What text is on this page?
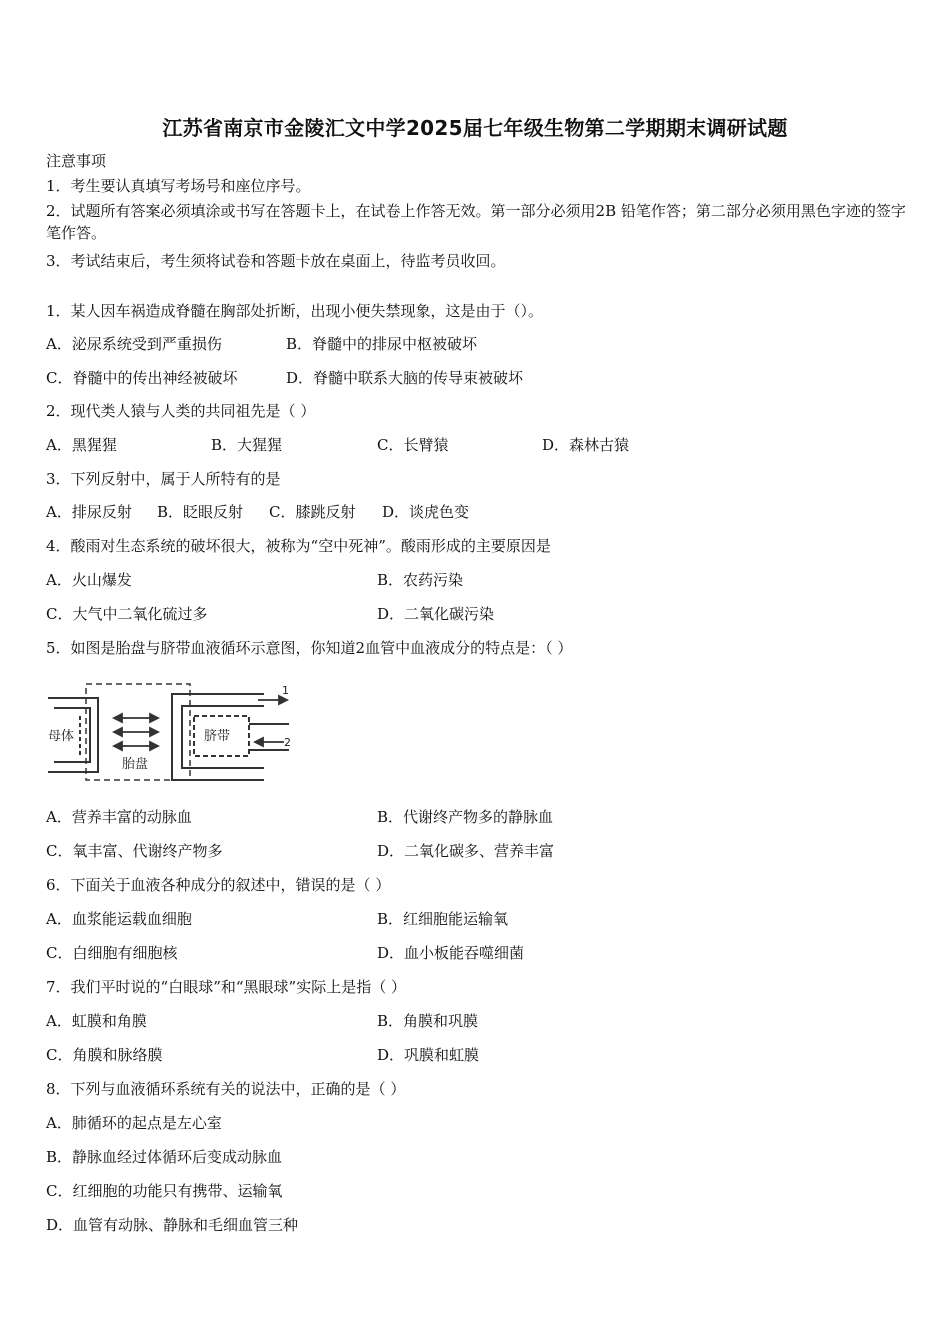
江苏省南京市金陵汇文中学2025届七年级生物第二学期期末调研试题
注意事项
1．考生要认真填写考场号和座位序号。
2．试题所有答案必须填涂或书写在答题卡上，在试卷上作答无效。第一部分必须用2B 铅笔作答；第二部分必须用黑色字迹的签字笔作答。
3．考试结束后，考生须将试卷和答题卡放在桌面上，待监考员收回。
1．某人因车祸造成脊髓在胸部处折断，出现小便失禁现象，这是由于（）。
A．泌尿系统受到严重损伤	B．脊髓中的排尿中枢被破坏
C．脊髓中的传出神经被破坏	D．脊髓中联系大脑的传导束被破坏
2．现代类人猿与人类的共同祖先是（ ）
A．黑猩猩	B．大猩猩	C．长臂猿	D．森林古猿
3．下列反射中，属于人所特有的是
A．排尿反射 B．眨眼反射 C．膝跳反射 D．谈虎色变
4．酸雨对生态系统的破坏很大，被称为“空中死神”。酸雨形成的主要原因是
A．火山爆发	B．农药污染
C．大气中二氧化硫过多	D．二氧化碳污染
5．如图是胎盘与脐带血液循环示意图，你知道2血管中血液成分的特点是：（ ）
母体	脐带
胎盘
1
2
A．营养丰富的动脉血	B．代谢终产物多的静脉血
C．氧丰富、代谢终产物多	D．二氧化碳多、营养丰富
6．下面关于血液各种成分的叙述中，错误的是（ ）
A．血浆能运载血细胞	B．红细胞能运输氧
C．白细胞有细胞核	D．血小板能吞噬细菌
7．我们平时说的“白眼球”和“黑眼球”实际上是指（ ）
A．虹膜和角膜	B．角膜和巩膜
C．角膜和脉络膜	D．巩膜和虹膜
8．下列与血液循环系统有关的说法中，正确的是（ ）
A．肺循环的起点是左心室
B．静脉血经过体循环后变成动脉血
C．红细胞的功能只有携带、运输氧
D．血管有动脉、静脉和毛细血管三种
